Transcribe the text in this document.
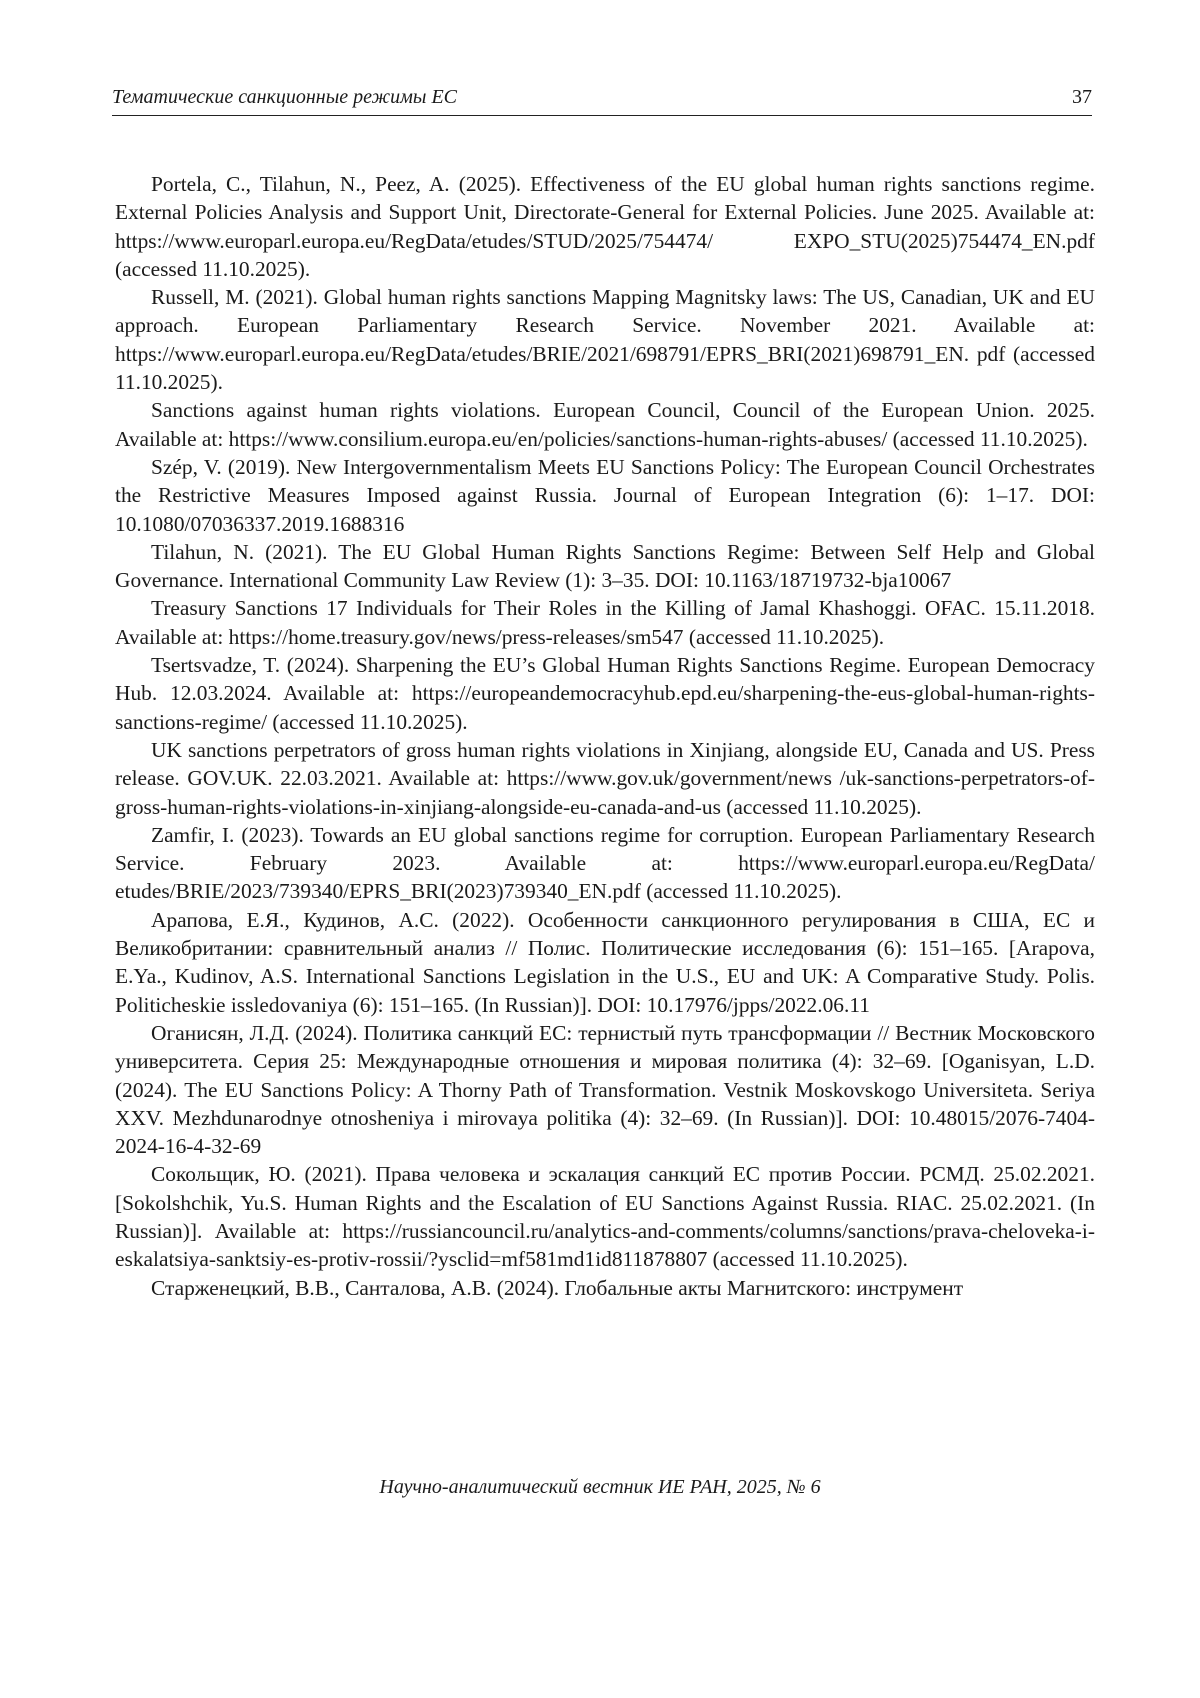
Тематические санкционные режимы ЕС	37

Portela, C., Tilahun, N., Peez, A. (2025). Effectiveness of the EU global human rights sanctions regime. External Policies Analysis and Support Unit, Directorate-General for External Policies. June 2025. Available at: https://www.europarl.europa.eu/RegData/etudes/STUD/2025/754474/ EXPO_STU(2025)754474_EN.pdf (accessed 11.10.2025).

Russell, M. (2021). Global human rights sanctions Mapping Magnitsky laws: The US, Canadian, UK and EU approach. European Parliamentary Research Service. November 2021. Available at: https://www.europarl.europa.eu/RegData/etudes/BRIE/2021/698791/EPRS_BRI(2021)698791_EN. pdf (accessed 11.10.2025).

Sanctions against human rights violations. European Council, Council of the European Union. 2025. Available at: https://www.consilium.europa.eu/en/policies/sanctions-human-rights-abuses/ (accessed 11.10.2025).

Szép, V. (2019). New Intergovernmentalism Meets EU Sanctions Policy: The European Council Orchestrates the Restrictive Measures Imposed against Russia. Journal of European Integration (6): 1–17. DOI: 10.1080/07036337.2019.1688316

Tilahun, N. (2021). The EU Global Human Rights Sanctions Regime: Between Self Help and Global Governance. International Community Law Review (1): 3–35. DOI: 10.1163/18719732-bja10067

Treasury Sanctions 17 Individuals for Their Roles in the Killing of Jamal Khashoggi. OFAC. 15.11.2018. Available at: https://home.treasury.gov/news/press-releases/sm547 (accessed 11.10.2025).

Tsertsvadze, T. (2024). Sharpening the EU’s Global Human Rights Sanctions Regime. European Democracy Hub. 12.03.2024. Available at: https://europeandemocracyhub.epd.eu/sharpening-the-eus-global-human-rights-sanctions-regime/ (accessed 11.10.2025).

UK sanctions perpetrators of gross human rights violations in Xinjiang, alongside EU, Canada and US. Press release. GOV.UK. 22.03.2021. Available at: https://www.gov.uk/government/news /uk-sanctions-perpetrators-of-gross-human-rights-violations-in-xinjiang-alongside-eu-canada-and-us (accessed 11.10.2025).

Zamfir, I. (2023). Towards an EU global sanctions regime for corruption. European Parliamentary Research Service. February 2023. Available at: https://www.europarl.europa.eu/RegData/ etudes/BRIE/2023/739340/EPRS_BRI(2023)739340_EN.pdf (accessed 11.10.2025).

Арапова, Е.Я., Кудинов, А.С. (2022). Особенности санкционного регулирования в США, ЕС и Великобритании: сравнительный анализ // Полис. Политические исследования (6): 151–165. [Arapova, E.Ya., Kudinov, A.S. International Sanctions Legislation in the U.S., EU and UK: A Comparative Study. Polis. Politicheskie issledovaniya (6): 151–165. (In Russian)]. DOI: 10.17976/jpps/2022.06.11

Оганисян, Л.Д. (2024). Политика санкций ЕС: тернистый путь трансформации // Вестник Московского университета. Серия 25: Международные отношения и мировая политика (4): 32–69. [Oganisyan, L.D. (2024). The EU Sanctions Policy: A Thorny Path of Transformation. Vestnik Moskovskogo Universiteta. Seriya XXV. Mezhdunarodnye otnosheniya i mirovaya politika (4): 32–69. (In Russian)]. DOI: 10.48015/2076-7404-2024-16-4-32-69

Сокольщик, Ю. (2021). Права человека и эскалация санкций ЕС против России. РСМД. 25.02.2021. [Sokolshchik, Yu.S. Human Rights and the Escalation of EU Sanctions Against Russia. RIAC. 25.02.2021. (In Russian)]. Available at: https://russiancouncil.ru/analytics-and-comments/columns/sanctions/prava-cheloveka-i-eskalatsiya-sanktsiy-es-protiv-rossii/?ysclid=mf581md1id811878807 (accessed 11.10.2025).

Старженецкий, В.В., Санталова, А.В. (2024). Глобальные акты Магнитского: инструмент

Научно-аналитический вестник ИЕ РАН, 2025, № 6
